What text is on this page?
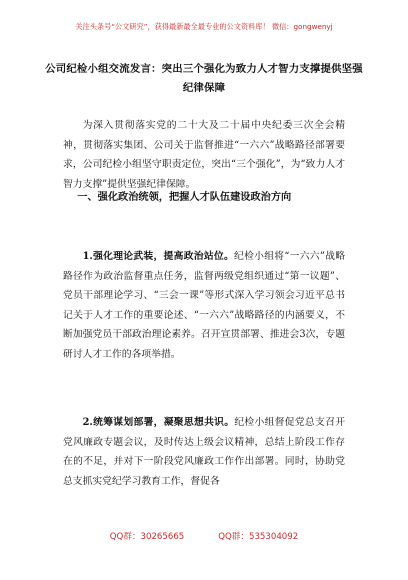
关注头条号“公文研究”，获得最新最全最专业的公文资料库！ 微信：gongwenyj
公司纪检小组交流发言：突出三个强化为致力人才智力支撑提供坚强纪律保障
为深入贯彻落实党的二十大及二十届中央纪委三次全会精神，贯彻落实集团、公司关于监督推进“一六六”战略路径部署要求，公司纪检小组坚守职责定位，突出“三个强化”，为“致力人才智力支撑”提供坚强纪律保障。
一、强化政治统领，把握人才队伍建设政治方向
1.强化理论武装，提高政治站位。纪检小组将“一六六”战略路径作为政治监督重点任务，监督两级党组织通过“第一议题”、党员干部理论学习、“三会一课”等形式深入学习领会习近平总书记关于人才工作的重要论述、“一六六”战略路径的内涵要义，不断加强党员干部政治理论素养。召开宣贯部署、推进会3次，专题研讨人才工作的各项举措。
2.统筹谋划部署，凝聚思想共识。纪检小组督促党总支召开党风廉政专题会议，及时传达上级会议精神，总结上阶段工作存在的不足，并对下一阶段党风廉政工作作出部署。同时，协助党总支抓实党纪学习教育工作，督促各
QQ群：30265665	QQ群：535304092
